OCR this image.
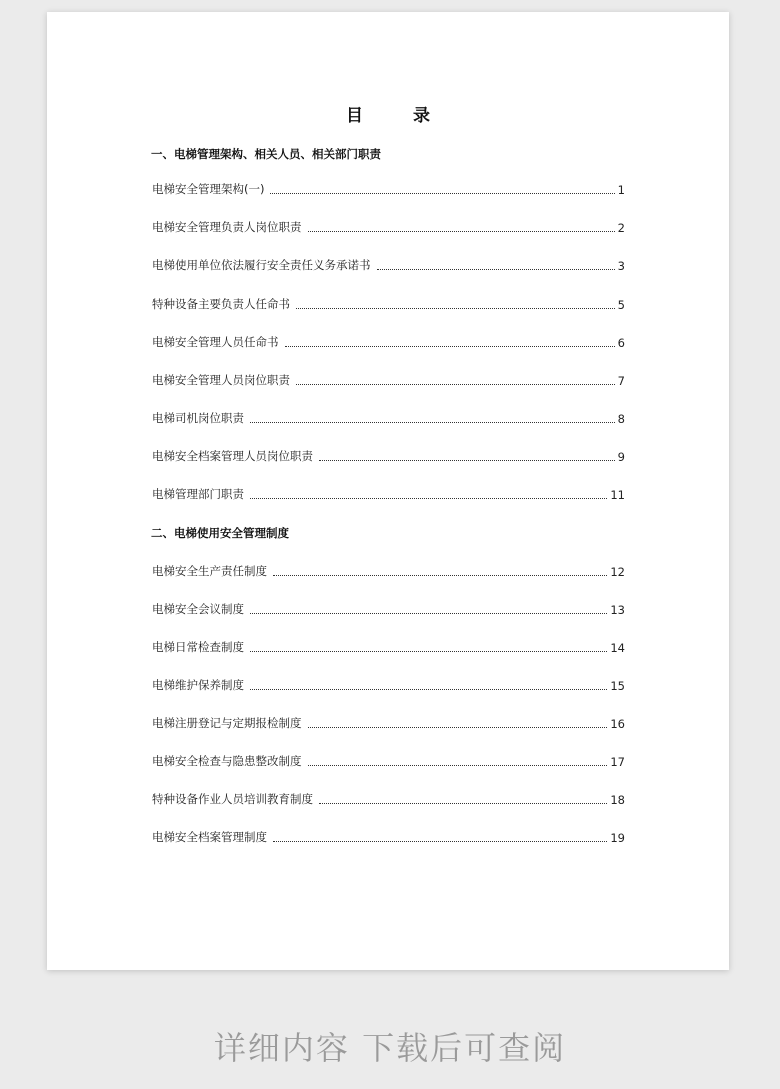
目 录
一、电梯管理架构、相关人员、相关部门职责
电梯安全管理架构(一)	1
电梯安全管理负责人岗位职责	2
电梯使用单位依法履行安全责任义务承诺书	3
特种设备主要负责人任命书	5
电梯安全管理人员任命书	6
电梯安全管理人员岗位职责	7
电梯司机岗位职责	8
电梯安全档案管理人员岗位职责	9
电梯管理部门职责	11
二、电梯使用安全管理制度
电梯安全生产责任制度	12
电梯安全会议制度	13
电梯日常检查制度	14
电梯维护保养制度	15
电梯注册登记与定期报检制度	16
电梯安全检查与隐患整改制度	17
特种设备作业人员培训教育制度	18
电梯安全档案管理制度	19
详细内容 下载后可查阅
